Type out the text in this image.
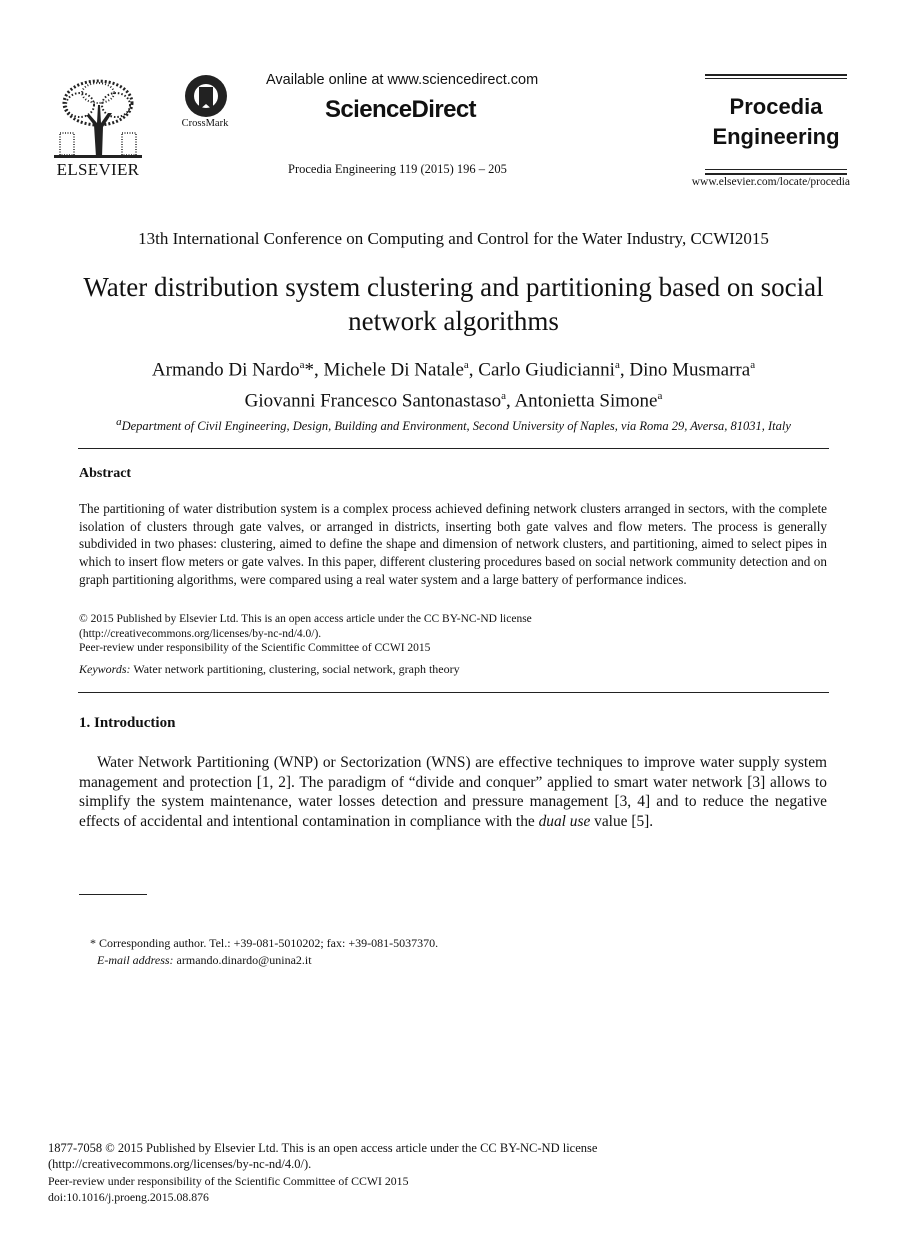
ELSEVIER
CrossMark
Available online at www.sciencedirect.com
ScienceDirect
Procedia Engineering 119 (2015) 196 – 205
Procedia
Engineering
www.elsevier.com/locate/procedia
13th International Conference on Computing and Control for the Water Industry, CCWI2015
Water distribution system clustering and partitioning based on social network algorithms
Armando Di Nardo$^a$*, Michele Di Natale$^a$, Carlo Giudicianni$^a$, Dino Musmarra$^a$
Giovanni Francesco Santonastaso$^a$, Antonietta Simone$^a$
$^a$Department of Civil Engineering, Design, Building and Environment, Second University of Naples, via Roma 29, Aversa, 81031, Italy
Abstract
The partitioning of water distribution system is a complex process achieved defining network clusters arranged in sectors, with the complete isolation of clusters through gate valves, or arranged in districts, inserting both gate valves and flow meters. The process is generally subdivided in two phases: clustering, aimed to define the shape and dimension of network clusters, and partitioning, aimed to select pipes in which to insert flow meters or gate valves. In this paper, different clustering procedures based on social network community detection and on graph partitioning algorithms, were compared using a real water system and a large battery of performance indices.
© 2015 Published by Elsevier Ltd. This is an open access article under the CC BY-NC-ND license
(http://creativecommons.org/licenses/by-nc-nd/4.0/).
Peer-review under responsibility of the Scientific Committee of CCWI 2015
Keywords: Water network partitioning, clustering, social network, graph theory
1. Introduction
Water Network Partitioning (WNP) or Sectorization (WNS) are effective techniques to improve water supply system management and protection [1, 2]. The paradigm of “divide and conquer” applied to smart water network [3] allows to simplify the system maintenance, water losses detection and pressure management [3, 4] and to reduce the negative effects of accidental and intentional contamination in compliance with the dual use value [5].
* Corresponding author. Tel.: +39-081-5010202; fax: +39-081-5037370.
E-mail address: armando.dinardo@unina2.it
1877-7058 © 2015 Published by Elsevier Ltd. This is an open access article under the CC BY-NC-ND license
(http://creativecommons.org/licenses/by-nc-nd/4.0/).
Peer-review under responsibility of the Scientific Committee of CCWI 2015
doi:10.1016/j.proeng.2015.08.876
